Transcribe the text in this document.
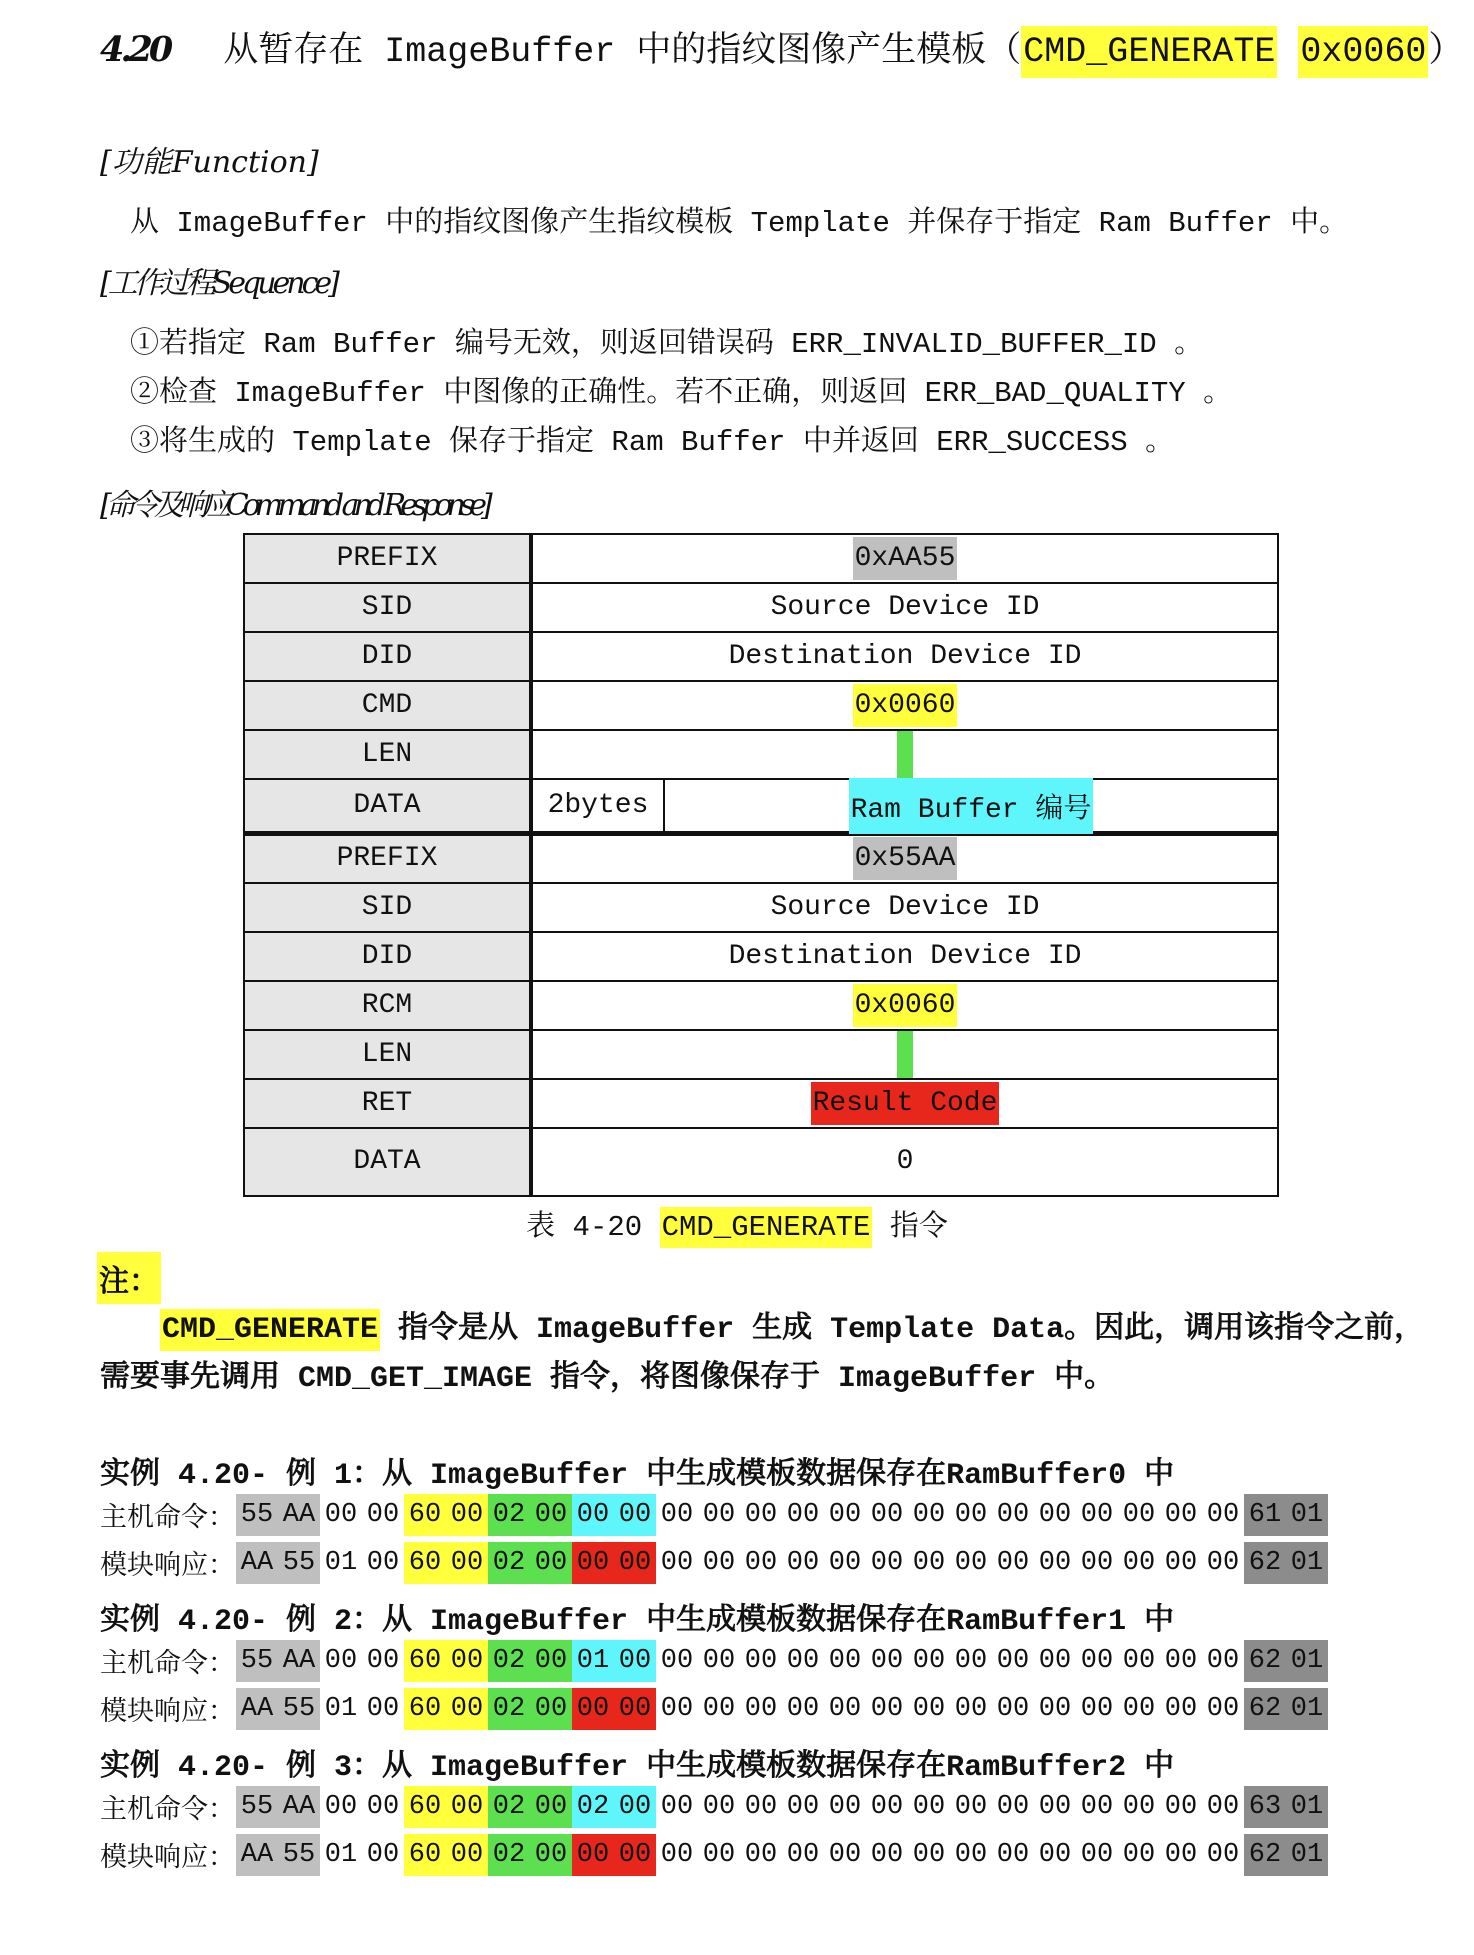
4.20 从暂存在 ImageBuffer 中的指纹图像产生模板（CMD_GENERATE 0x0060）
[功能Function]
从 ImageBuffer 中的指纹图像产生指纹模板 Template 并保存于指定 Ram Buffer 中。
[工作过程Sequence]
①若指定 Ram Buffer 编号无效，则返回错误码 ERR_INVALID_BUFFER_ID 。
②检查 ImageBuffer 中图像的正确性。若不正确，则返回 ERR_BAD_QUALITY 。
③将生成的 Template 保存于指定 Ram Buffer 中并返回 ERR_SUCCESS 。
[命令及响应Command and Response]
PREFIX	0xAA55
SID	Source Device ID
DID	Destination Device ID
CMD	0x0060
LEN	
DATA	2bytes Ram Buffer 编号

PREFIX	0x55AA
SID	Source Device ID
DID	Destination Device ID
RCM	0x0060
LEN	
RET	Result Code
DATA	0
表 4-20 CMD_GENERATE 指令
注：
CMD_GENERATE 指令是从 ImageBuffer 生成 Template Data。因此，调用该指令之前，
需要事先调用 CMD_GET_IMAGE 指令，将图像保存于 ImageBuffer 中。
实例 4.20- 例 1：从 ImageBuffer 中生成模板数据保存在RamBuffer0 中
主机命令： 55 AA 00 00 60 00 02 00 00 00 00 00 00 00 00 00 00 00 00 00 00 00 00 00 61 01
模块响应： AA 55 01 00 60 00 02 00 00 00 00 00 00 00 00 00 00 00 00 00 00 00 00 00 62 01
实例 4.20- 例 2：从 ImageBuffer 中生成模板数据保存在RamBuffer1 中
主机命令： 55 AA 00 00 60 00 02 00 01 00 00 00 00 00 00 00 00 00 00 00 00 00 00 00 62 01
模块响应： AA 55 01 00 60 00 02 00 00 00 00 00 00 00 00 00 00 00 00 00 00 00 00 00 62 01
实例 4.20- 例 3：从 ImageBuffer 中生成模板数据保存在RamBuffer2 中
主机命令： 55 AA 00 00 60 00 02 00 02 00 00 00 00 00 00 00 00 00 00 00 00 00 00 00 63 01
模块响应： AA 55 01 00 60 00 02 00 00 00 00 00 00 00 00 00 00 00 00 00 00 00 00 00 62 01
